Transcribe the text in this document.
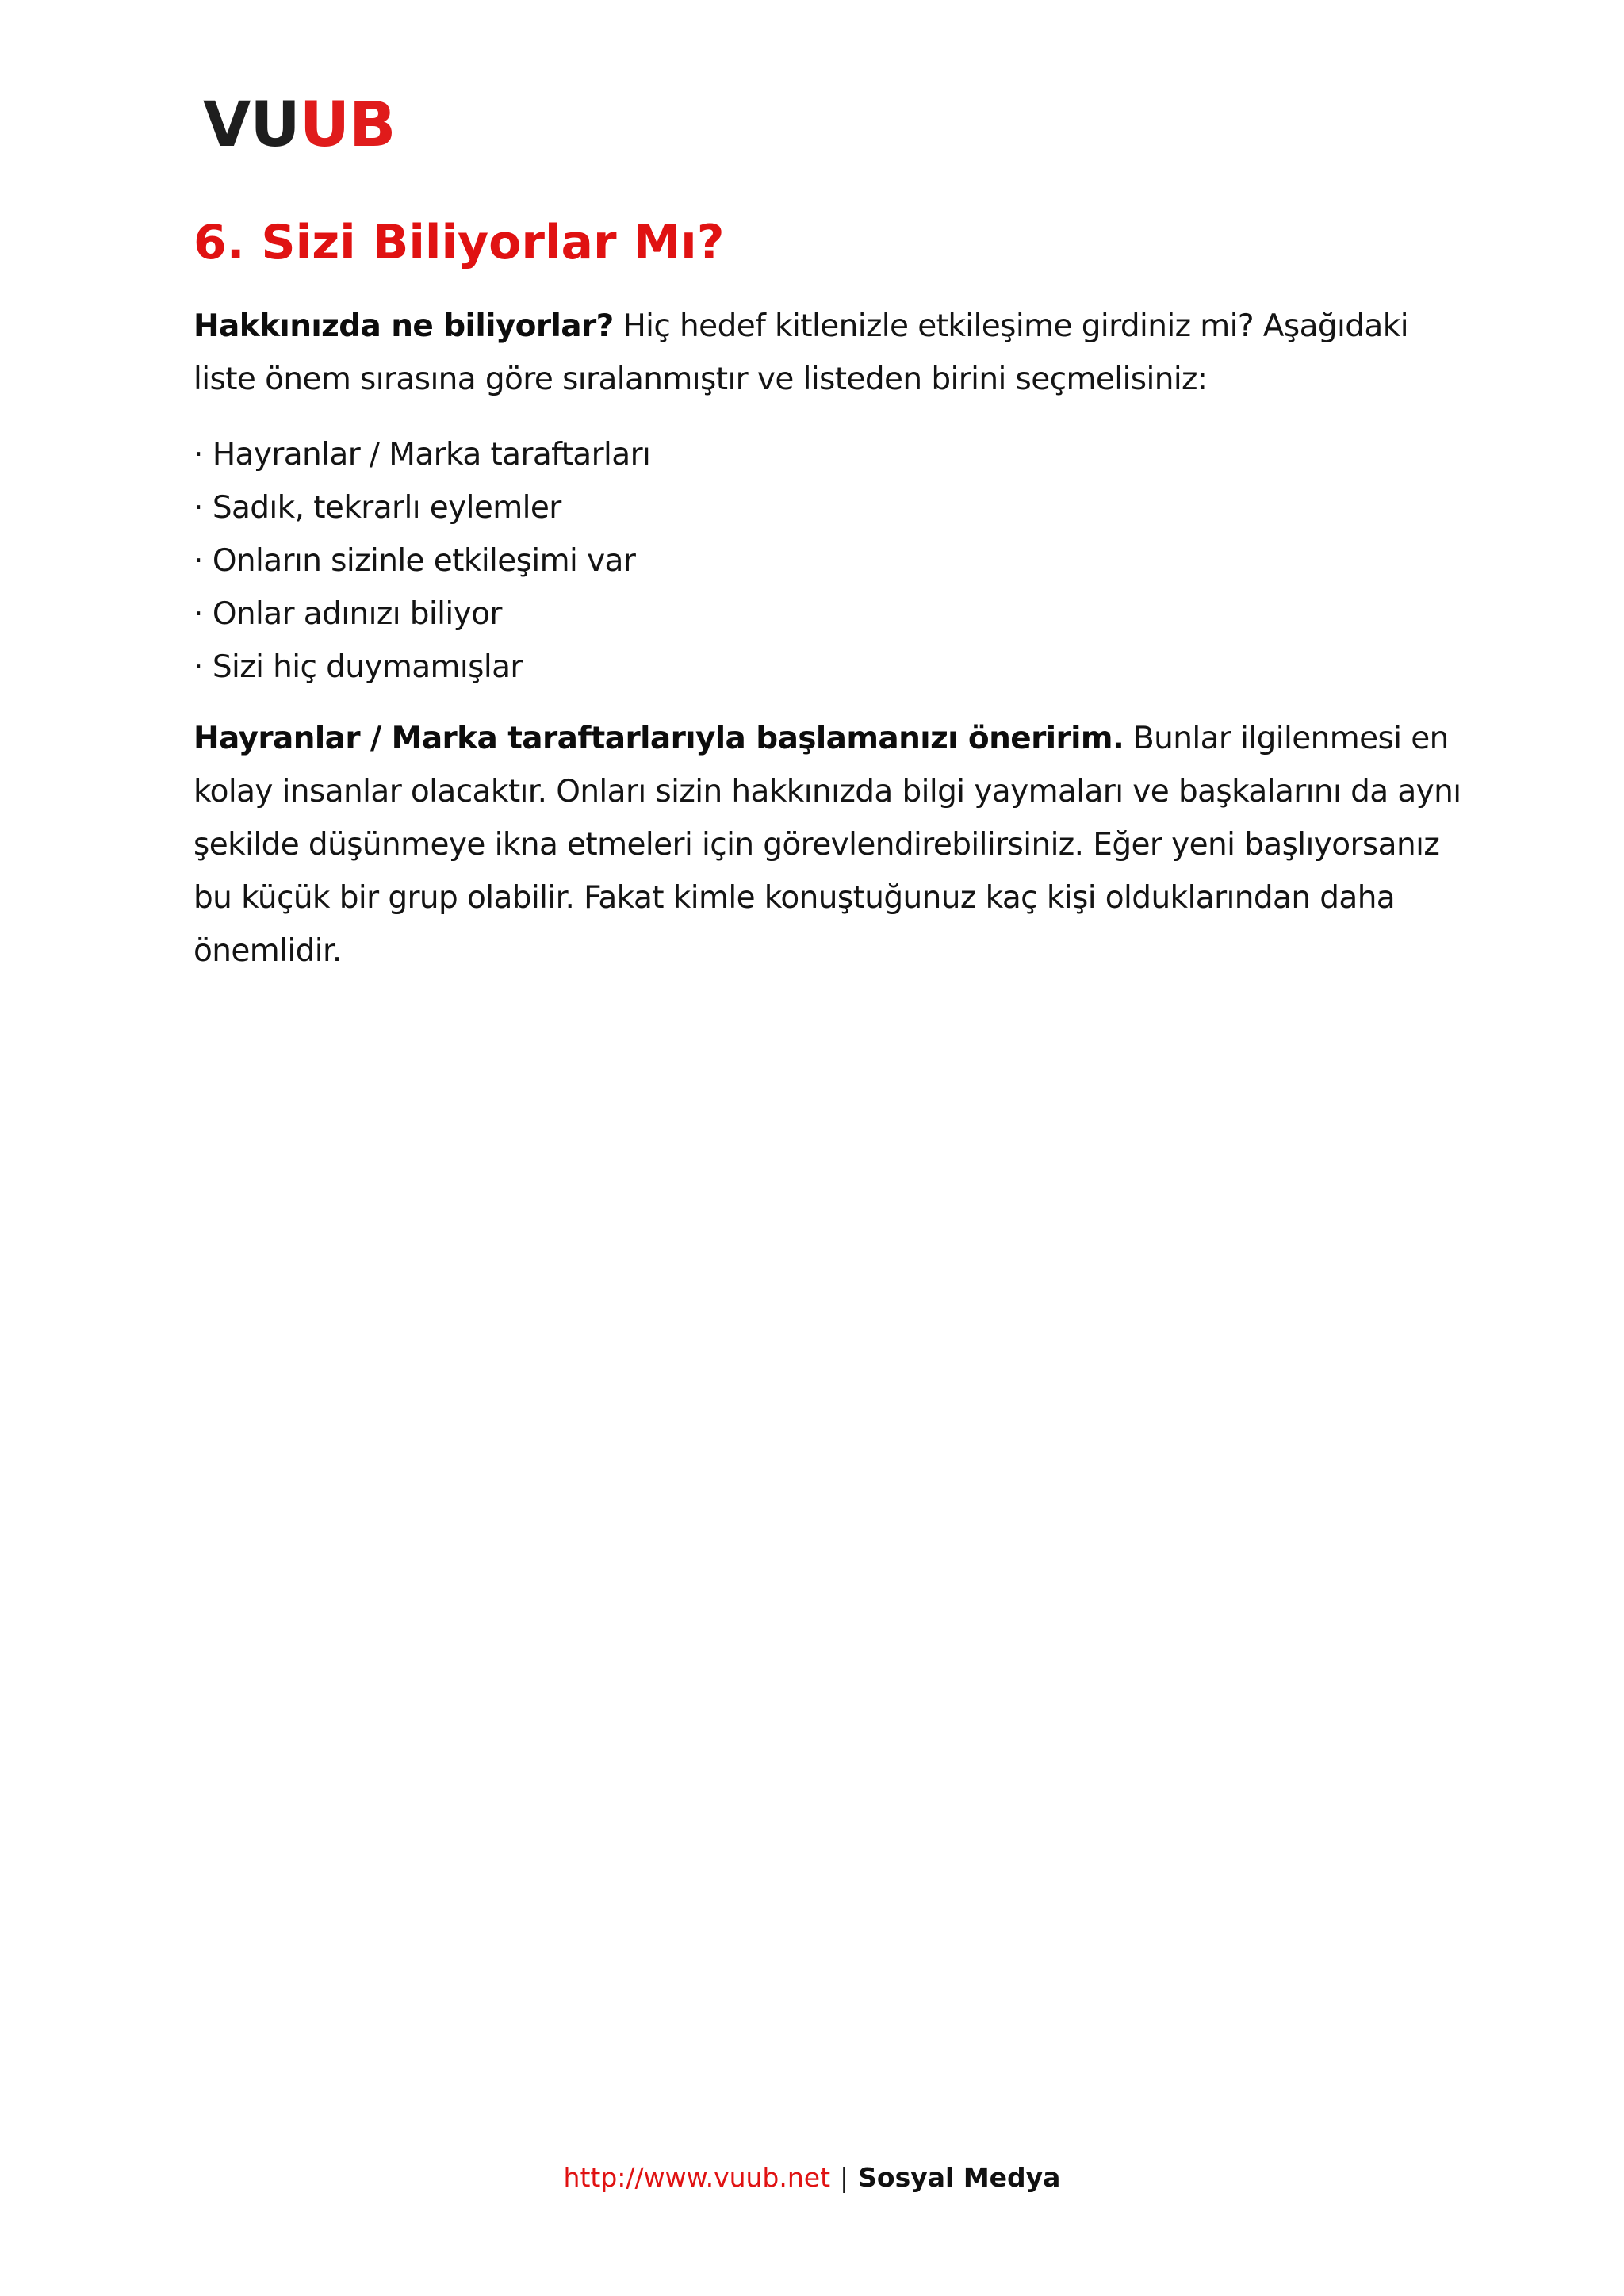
VU UB
6. Sizi Biliyorlar Mı?

Hakkınızda ne biliyorlar? Hiç hedef kitlenizle etkileşime girdiniz mi? Aşağıdaki liste önem sırasına göre sıralanmıştır ve listeden birini seçmelisiniz:

· Hayranlar / Marka taraftarları
· Sadık, tekrarlı eylemler
· Onların sizinle etkileşimi var
· Onlar adınızı biliyor
· Sizi hiç duymamışlar

Hayranlar / Marka taraftarlarıyla başlamanızı öneririm. Bunlar ilgilenmesi en kolay insanlar olacaktır. Onları sizin hakkınızda bilgi yaymaları ve başkalarını da aynı şekilde düşünmeye ikna etmeleri için görevlendirebilirsiniz. Eğer yeni başlıyorsanız bu küçük bir grup olabilir. Fakat kimle konuştuğunuz kaç kişi olduklarından daha önemlidir.

http://www.vuub.net | Sosyal Medya
